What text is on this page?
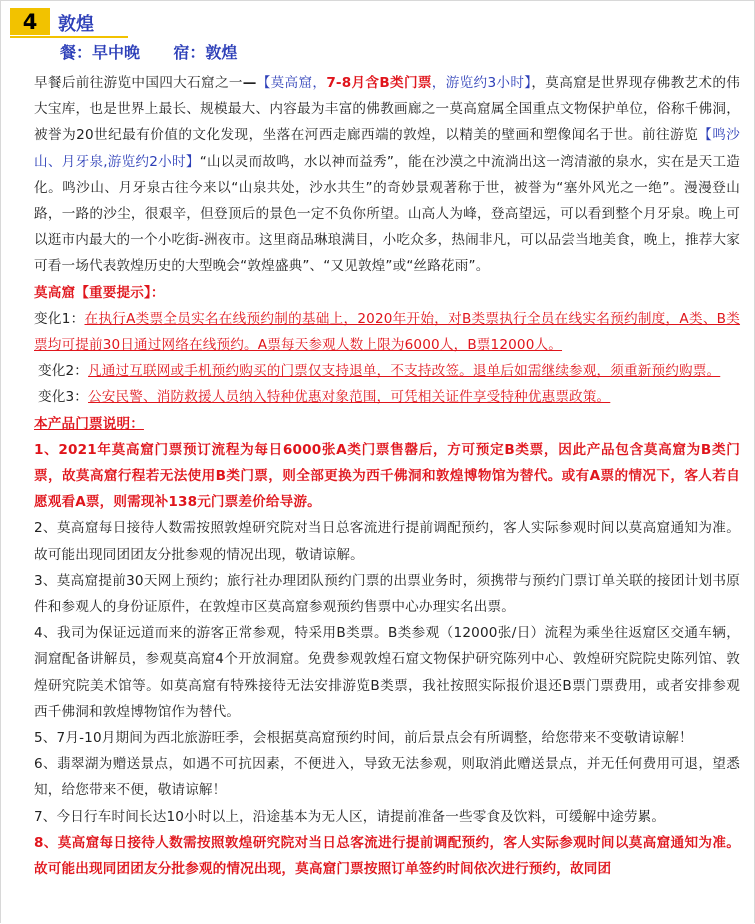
4	敦煌
餐：早中晚      宿：敦煌

早餐后前往游览中国四大石窟之一—【莫高窟，7-8月含B类门票，游览约3小时】，莫高窟是世界现存佛教艺术的伟大宝库，也是世界上最长、规模最大、内容最为丰富的佛教画廊之一莫高窟属全国重点文物保护单位，俗称千佛洞，被誉为20世纪最有价值的文化发现，坐落在河西走廊西端的敦煌，以精美的壁画和塑像闻名于世。前往游览【鸣沙山、月牙泉,游览约2小时】“山以灵而故鸣，水以神而益秀”，能在沙漠之中流淌出这一湾清澈的泉水，实在是天工造化。鸣沙山、月牙泉古往今来以“山泉共处，沙水共生”的奇妙景观著称于世，被誉为“塞外风光之一绝”。漫漫登山路，一路的沙尘，很艰辛，但登顶后的景色一定不负你所望。山高人为峰，登高望远，可以看到整个月牙泉。晚上可以逛市内最大的一个小吃街-洲夜市。这里商品琳琅满目，小吃众多，热闹非凡，可以品尝当地美食，晚上，推荐大家可看一场代表敦煌历史的大型晚会“敦煌盛典”、“又见敦煌”或“丝路花雨”。

莫高窟【重要提示】：

变化1：在执行A类票全员实名在线预约制的基础上，2020年开始，对B类票执行全员在线实名预约制度，A类、B类票均可提前30日通过网络在线预约。A票每天参观人数上限为6000人，B票12000人。

变化2：凡通过互联网或手机预约购买的门票仅支持退单，不支持改签。退单后如需继续参观，须重新预约购票。

变化3：公安民警、消防救援人员纳入特种优惠对象范围，可凭相关证件享受特种优惠票政策。

本产品门票说明：

1、2021年莫高窟门票预订流程为每日6000张A类门票售罄后，方可预定B类票，因此产品包含莫高窟为B类门票，故莫高窟行程若无法使用B类门票，则全部更换为西千佛洞和敦煌博物馆为替代。或有A票的情况下，客人若自愿观看A票，则需现补138元门票差价给导游。

2、莫高窟每日接待人数需按照敦煌研究院对当日总客流进行提前调配预约，客人实际参观时间以莫高窟通知为准。故可能出现同团团友分批参观的情况出现，敬请谅解。

3、莫高窟提前30天网上预约；旅行社办理团队预约门票的出票业务时，须携带与预约门票订单关联的接团计划书原件和参观人的身份证原件，在敦煌市区莫高窟参观预约售票中心办理实名出票。

4、我司为保证远道而来的游客正常参观，特采用B类票。B类参观（12000张/日）流程为乘坐往返窟区交通车辆，洞窟配备讲解员，参观莫高窟4个开放洞窟。免费参观敦煌石窟文物保护研究陈列中心、敦煌研究院院史陈列馆、敦煌研究院美术馆等。如莫高窟有特殊接待无法安排游览B类票，我社按照实际报价退还B票门票费用，或者安排参观西千佛洞和敦煌博物馆作为替代。

5、7月-10月期间为西北旅游旺季，会根据莫高窟预约时间，前后景点会有所调整，给您带来不变敬请谅解！

6、翡翠湖为赠送景点，如遇不可抗因素，不便进入，导致无法参观，则取消此赠送景点，并无任何费用可退，望悉知，给您带来不便，敬请谅解！

7、今日行车时间长达10小时以上，沿途基本为无人区，请提前准备一些零食及饮料，可缓解中途劳累。

8、莫高窟每日接待人数需按照敦煌研究院对当日总客流进行提前调配预约，客人实际参观时间以莫高窟通知为准。故可能出现同团团友分批参观的情况出现，莫高窟门票按照订单签约时间依次进行预约，故同团
